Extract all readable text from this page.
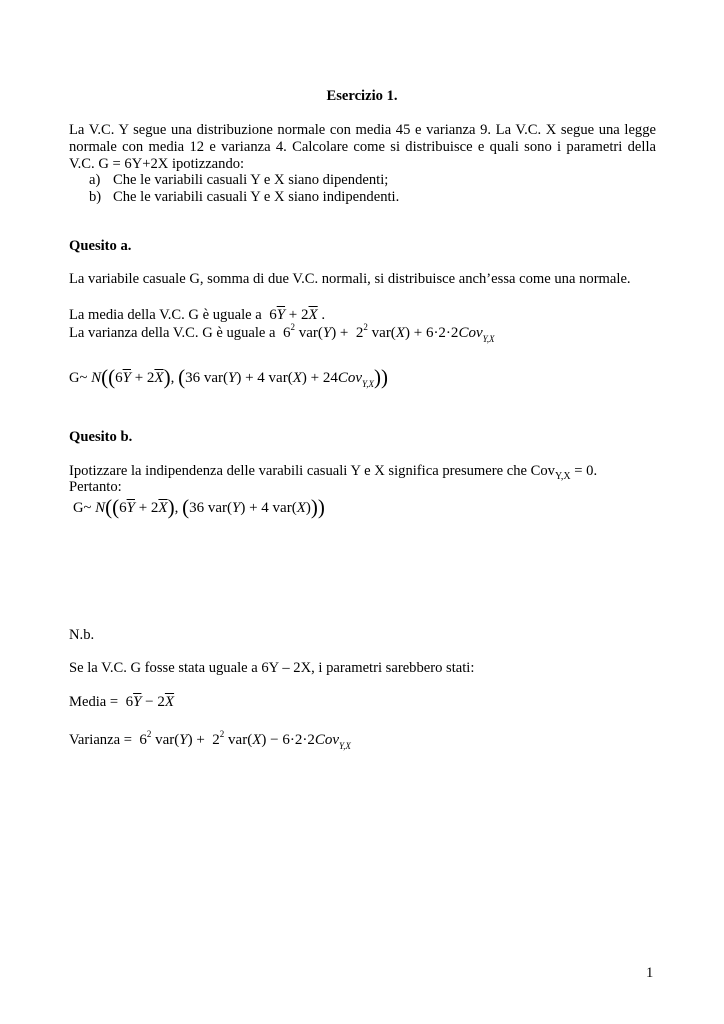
Esercizio 1.
La V.C. Y segue una distribuzione normale con media 45 e varianza 9. La V.C. X segue una legge
normale con media 12 e varianza 4. Calcolare come si distribuisce e quali sono i parametri della
V.C. G = 6Y+2X ipotizzando:
a) Che le variabili casuali Y e X siano dipendenti;
b) Che le variabili casuali Y e X siano indipendenti.
Quesito a.
La variabile casuale G, somma di due V.C. normali, si distribuisce anch’essa come una normale.
La media della V.C. G è uguale a  $6\overline{Y} + 2\overline{X}$ .
La varianza della V.C. G è uguale a  $6^2$ $var(Y) + 2^2$ var(X) + 6·2·2Cov$_{Y,X}$
G~ $N((6\overline{Y} + 2\overline{X})$, (36 var(Y) + 4 var(X) + 24Cov$_{Y,X}$))
Quesito b.
Ipotizzare la indipendenza delle varabili casuali Y e X significa presumere che Cov$_{Y,X}$ = 0.
Pertanto:
G~ $N((6\overline{Y} + 2\overline{X})$, (36 var(Y) + 4 var(X)))
N.b.
Se la V.C. G fosse stata uguale a 6Y – 2X, i parametri sarebbero stati:
Media =  $6\overline{Y} - 2\overline{X}$
Varianza =  $6^2$ $var(Y) + 2^2$ var(X) − 6·2·2Cov$_{Y,X}$
1
